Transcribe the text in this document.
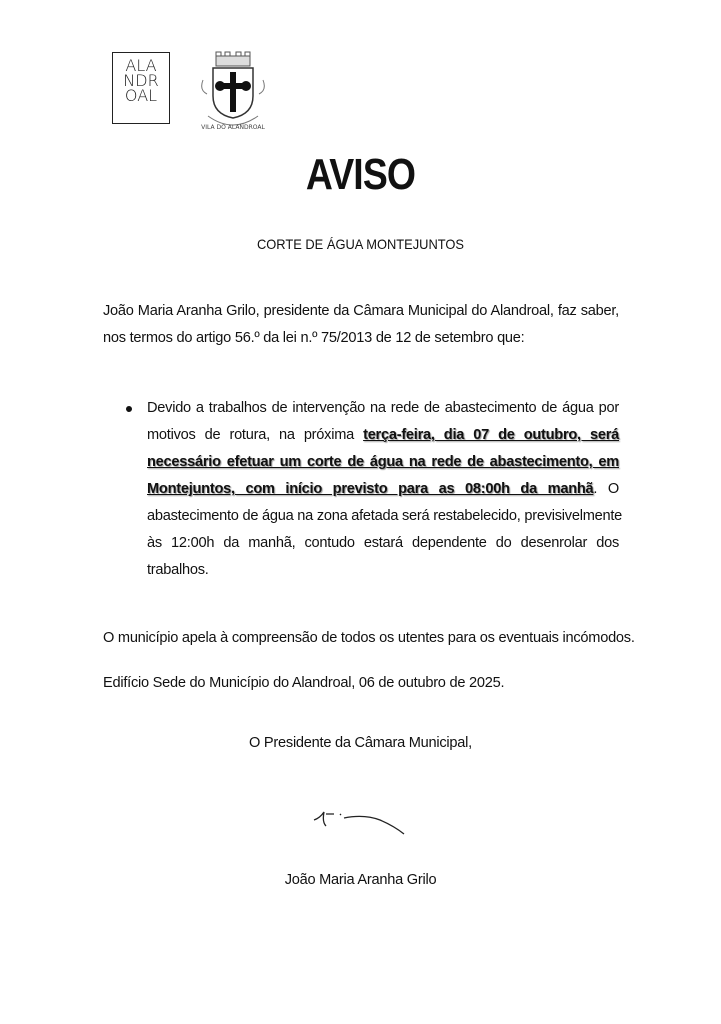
ALA
NDR
OAL
VILA DO ALANDROAL
AVISO
CORTE DE ÁGUA MONTEJUNTOS
João Maria Aranha Grilo, presidente da Câmara Municipal do Alandroal, faz saber,
nos termos do artigo 56.º da lei n.º 75/2013 de 12 de setembro que:
Devido a trabalhos de intervenção na rede de abastecimento de água por
motivos de rotura, na próxima terça-feira, dia 07 de outubro, será
necessário efetuar um corte de água na rede de abastecimento, em
Montejuntos, com início previsto para as 08:00h da manhã. O
abastecimento de água na zona afetada será restabelecido, previsivelmente
às 12:00h da manhã, contudo estará dependente do desenrolar dos
trabalhos.
O município apela à compreensão de todos os utentes para os eventuais incómodos.
Edifício Sede do Município do Alandroal, 06 de outubro de 2025.
O Presidente da Câmara Municipal,
João Maria Aranha Grilo
